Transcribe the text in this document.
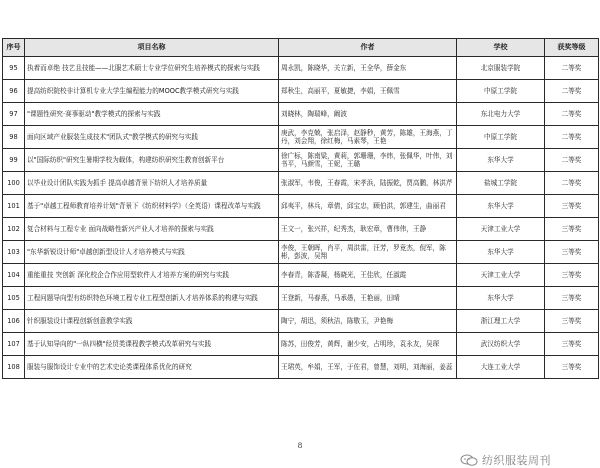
序号	项目名称	作者	学校	获奖等级
95	执着而卓绝 技艺且技能——北服艺术硕士专业学位研究生培养模式的探索与实践	周永凯，陈晓华，关立新，王全华，薛金东	北京服装学院	二等奖
96	提高纺织院校非计算机专业大学生编程能力的MOOC教学模式研究与实践	郑秋生，高丽平，夏敏捷，李娟，王佩雪	中原工学院	二等奖
97	"课题性研究·赛事驱动"教学模式的探索与实践	刘晓林，陶瑞峰，阚波	东北电力大学	二等奖
98	面向区域产业服装生成技术"团队式"教学模式的研究与实践	庚武，李克兢，张启泽，赵静秒，黄芳，陈雄，王海燕，丁丹，刘会翔，徐红梅，马素琴，王艳	中原工学院	二等奖
99	以"国际纺织"研究生暑期学校为载体，构建纺织研究生教育创新平台	徐广标，陈南粱，黄莉，郭珊珊，李炜，张佩华，叶伟，刘书平，马颜雪，王妮，王璐	东华大学	二等奖
100	以毕业设计团队实践为抓手 提高卓越背景下纺织人才培养质量	张淑军，韦俊，王春霞，宋孝浜，陆振乾，贾高鹏，林洪芹	盐城工学院	二等奖
101	基于"卓越工程师教育培养计划"背景下《纺织材料学》（全英语）课程改革与实践	邱夷平，林兵，章倩，邱宝忠，顾伯洪，郭建生，曲丽君	东华大学	三等奖
102	复合材料与工程专业 面向战略性新兴产业人才培养的探索与实践	王文一，张兴祥，纪秀杰，耿宏章，曹伟伟，王静	天津工业大学	三等奖
103	"东华新锐设计师"卓越创新型设计人才培养模式与实践	李俊，王朝晖，肖平，周洪雷，汪芳，罗竟杰，倪军，陈彬，彭波，吴翔	东华大学	三等奖
104	重能重技 突创新 深化校企合作应用型软件人才培养方案的研究与实践	李春青，陈香凝，杨晓光，王佳欣，任淑霞	天津工业大学	三等奖
105	工程问题导向型有纺织特色环境工程专业工程型创新人才培养体系的构建与实践	王登新，马春燕，马承愚，王艳丽，田晴	东华大学	三等奖
106	针织服装设计课程创新创意教学实践	陶宁，胡迅，须秋洁，陈敬玉，尹艳梅	浙江理工大学	三等奖
107	基于认知导向的"一纵四横"经贸类课程教学模式改革研究与实践	陈苏，田俊芳，黄辉，谢少安，占明珍，袁永友，吴琛	武汉纺织大学	三等奖
108	服装与服饰设计专业中的艺术史论类课程体系优化的研究	王珺英，牟娟，王军，于佐君，曾慧，刘明，刘海丽，姜蕊	大连工业大学	三等奖
8
纺织服装周刊
